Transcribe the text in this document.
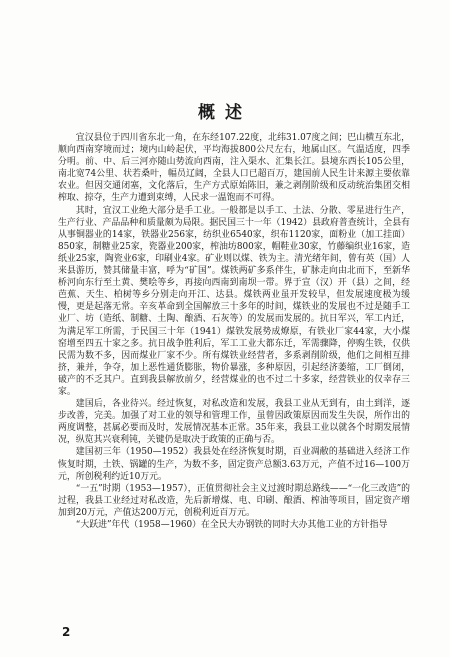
概述

宜汉县位于四川省东北一角，在东经107.22度，北纬31.07度之间；巴山横互东北，顺向西南穿境而过；境内山岭起伏，平均海拔800公尺左右，地属山区。气温适度，四季分明。前、中、后三河亦随山势流向西南，注入渠水、汇集长江。县境东西长105公里，南北宽74公里、状若桑叶，幅员辽阔，全县人口已超百万，建国前人民生计来源主要依靠农业。但因交通闭塞，文化落后，生产方式原始陈旧，兼之剥削阶级和反动统治集团交相榨取、掠夺，生产力遭到束缚，人民求一温饱而不可得。

其时，宜汉工业绝大部分是手工业。一般都是以手工、土法、分散、零星进行生产，生产行业、产品品种和质量颇为局限。据民国三十一年（1942）县政府普查统计，全县有从事铜器业的14家，铁器业256家，纺织业6540家，织布1120家，面粉业（加工挂面）850家，制糖业25家，瓷器业200家，榨油坊800家，帽鞋业30家，竹藤编织业16家，造纸业25家，陶瓷业6家，印刷业4家。矿业则以煤、铁为主。清光绪年间，曾有英（国）人来县游历，赞其储量丰富，呼为“矿国”。煤铁两矿多系伴生，矿脉走向由北而下，至新华桥河向东行至土黄、樊哙等乡，再接向西南到南坝一带。界于宣（汉）开（县）之间，经芭蕉、天生、柏树等乡分别走向开江、达县。煤铁两业虽开发较早，但发展速度极为缓慢，更是起落无常。辛亥革命到全国解放三十多年的时间，煤铁业的发展也不过是随手工业厂、坊（造纸、制糖、土陶、酿酒、石灰等）的发展而发展的。抗日军兴，军工内迁，为满足军工所需，于民国三十年（1941）煤铁发展势成燎原，有铁业厂家44家，大小煤窑增至四五十家之多。抗日战争胜利后，军工工业大都东迁，军需骤降，停购生铁，仅供民需为数不多，因而煤业厂家不少。所有煤铁业经营者，多系剥削阶级，他们之间相互排挤，兼并，争夺，加上恶性通货膨胀，物价暴涨，多种原因，引起经济萎缩，工厂倒闭，破产的不乏其户。直到我县解放前夕，经营煤业的也不过二十多家，经营铁业的仅幸存三家。

建国后，各业待兴。经过恢复，对私改造和发展，我县工业从无到有，由土到洋，逐步改善，完美。加强了对工业的领导和管理工作，虽曾因政策原因而发生失误，所作出的两度调整，甚属必要而及时，发展情况基本正常。35年来，我县工业以就各个时期发展情况，纵览其兴衰利钝，关键仍是取决于政策的正确与否。

建国初三年（1950—1952）我县处在经济恢复时期，百业凋敝的基础进入经济工作恢复时期，土铁、锅罐的生产，为数不多，固定资产总额3.63万元，产值不过16—100万元，所创税利约近10万元。

“一五”时期（1953—1957），正值贯彻社会主义过渡时期总路线——“一化三改造”的过程，我县工业经过对私改造，先后新增煤、电、印刷、酿酒、榨油等项目，固定资产增加到20万元，产值达200万元，创税利近百万元。

“大跃进”年代（1958—1960）在全民大办钢铁的同时大办其他工业的方针指导

2
